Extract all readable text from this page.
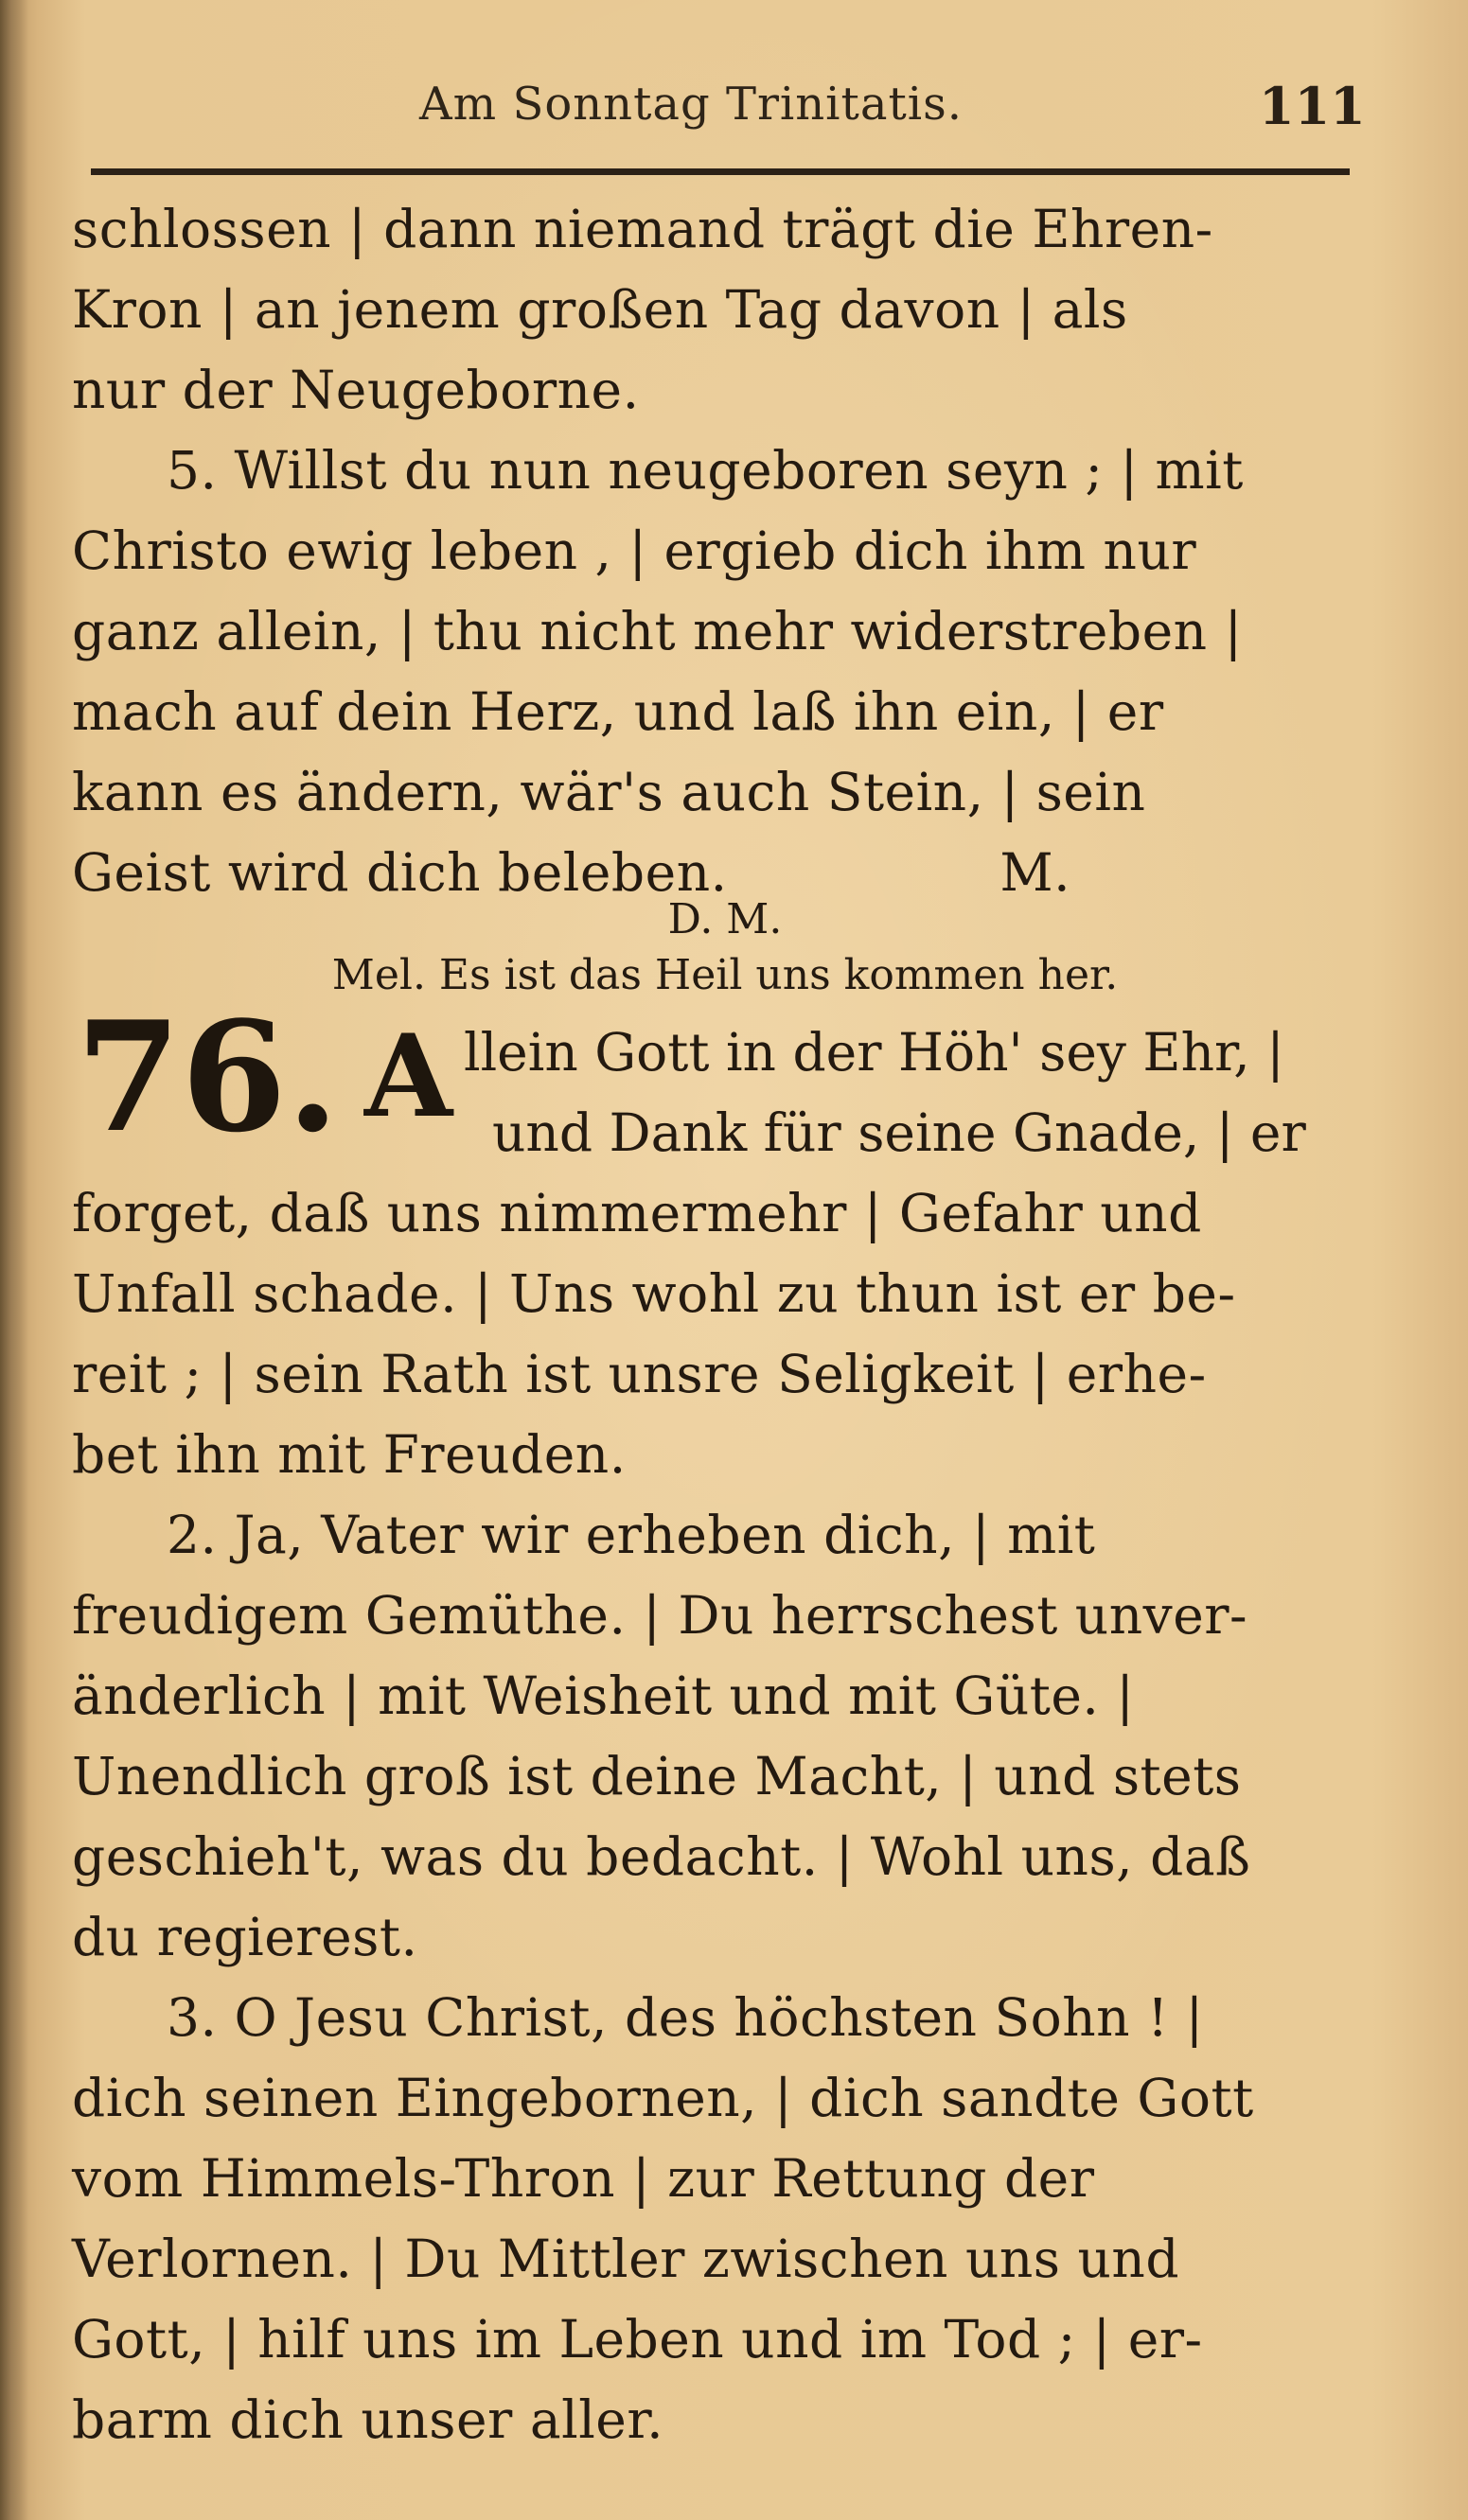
Am Sonntag Trinitatis.	111
schlossen | dann niemand trägt die Ehren-
Kron | an jenem großen Tag davon | als
nur der Neugeborne.
5. Willst du nun neugeboren seyn ; | mit
Christo ewig leben , | ergieb dich ihm nur
ganz allein, | thu nicht mehr widerstreben |
mach auf dein Herz, und laß ihn ein, | er
kann es ändern, wär's auch Stein, | sein
Geist wird dich beleben.                M.
D. M.
Mel. Es ist das Heil uns kommen her.
76. A llein Gott in der Höh' sey Ehr, |
und Dank für seine Gnade, | er
forget, daß uns nimmermehr | Gefahr und
Unfall schade. | Uns wohl zu thun ist er be-
reit ; | sein Rath ist unsre Seligkeit | erhe-
bet ihn mit Freuden.
2. Ja, Vater wir erheben dich, | mit
freudigem Gemüthe. | Du herrschest unver-
änderlich | mit Weisheit und mit Güte. |
Unendlich groß ist deine Macht, | und stets
geschieh't, was du bedacht. | Wohl uns, daß
du regierest.
3. O Jesu Christ, des höchsten Sohn ! |
dich seinen Eingebornen, | dich sandte Gott
vom Himmels-Thron | zur Rettung der
Verlornen. | Du Mittler zwischen uns und
Gott, | hilf uns im Leben und im Tod ; | er-
barm dich unser aller.
